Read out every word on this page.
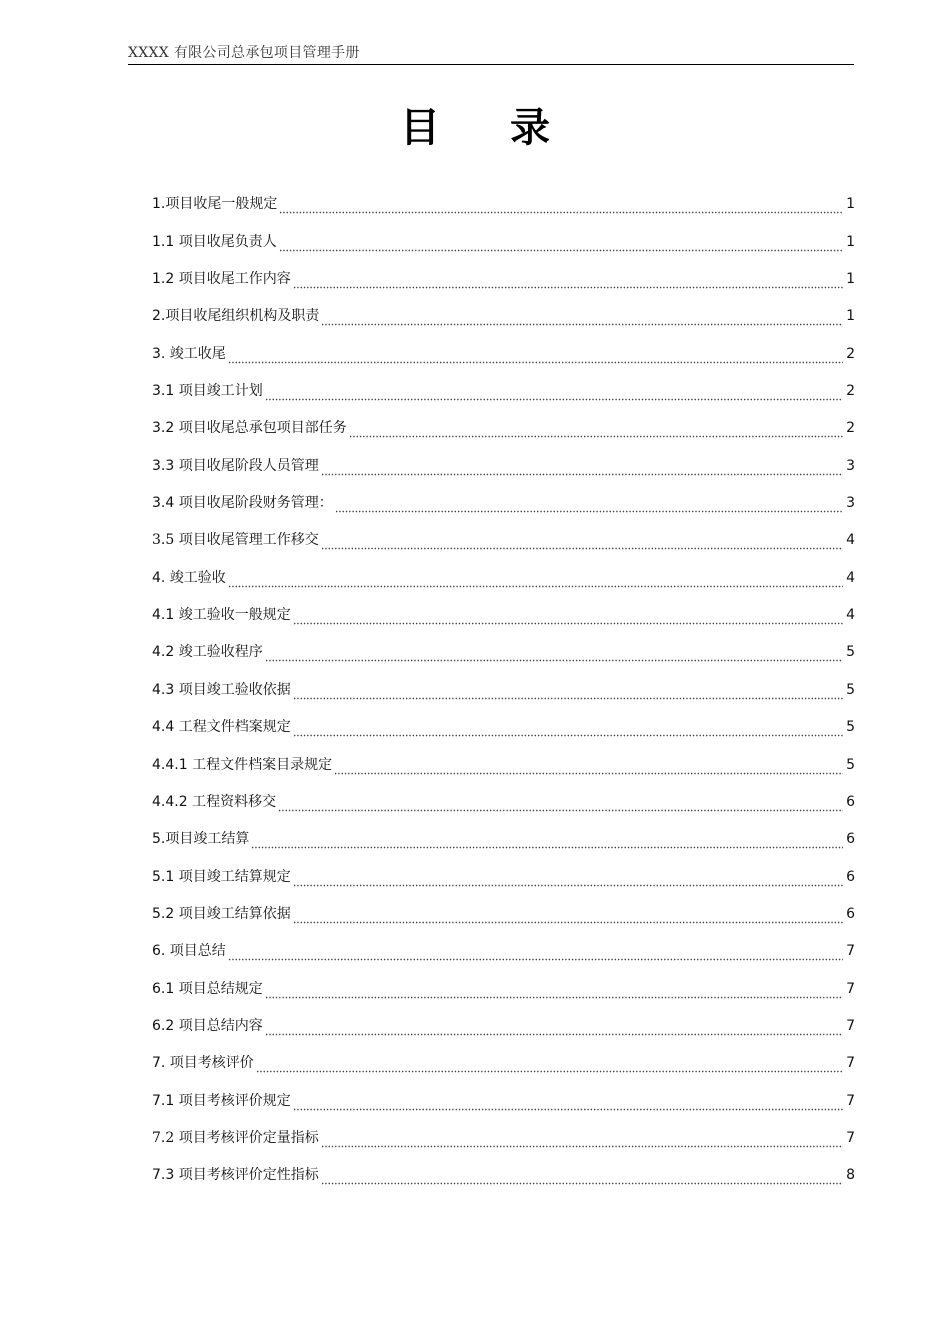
XXXX 有限公司总承包项目管理手册
目 录
1.项目收尾一般规定	1
1.1 项目收尾负责人	1
1.2 项目收尾工作内容	1
2.项目收尾组织机构及职责	1
3. 竣工收尾	2
3.1 项目竣工计划	2
3.2 项目收尾总承包项目部任务	2
3.3 项目收尾阶段人员管理	3
3.4 项目收尾阶段财务管理：	3
3.5 项目收尾管理工作移交	4
4. 竣工验收	4
4.1 竣工验收一般规定	4
4.2 竣工验收程序	5
4.3 项目竣工验收依据	5
4.4 工程文件档案规定	5
4.4.1 工程文件档案目录规定	5
4.4.2 工程资料移交	6
5.项目竣工结算	6
5.1 项目竣工结算规定	6
5.2 项目竣工结算依据	6
6. 项目总结	7
6.1 项目总结规定	7
6.2 项目总结内容	7
7. 项目考核评价	7
7.1 项目考核评价规定	7
7.2 项目考核评价定量指标	7
7.3 项目考核评价定性指标	8
